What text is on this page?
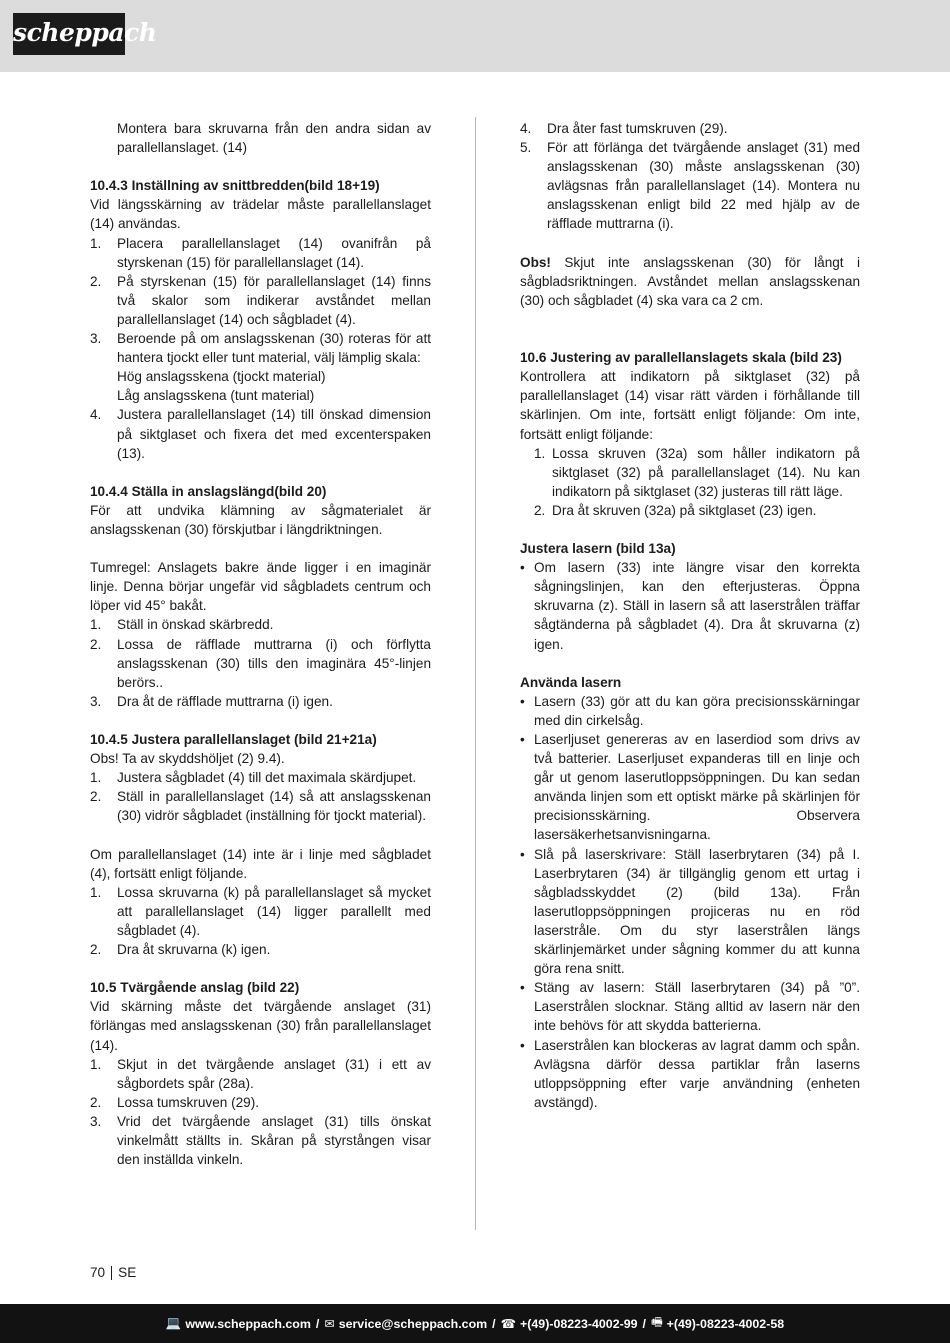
scheppach
Montera bara skruvarna från den andra sidan av parallellanslaget. (14)
10.4.3 Inställning av snittbredden(bild 18+19)
Vid längsskärning av trädelar måste parallellanslaget (14) användas.
1.	Placera parallellanslaget (14) ovanifrån på styrskenan (15) för parallellanslaget (14).
2.	På styrskenan (15) för parallellanslaget (14) finns två skalor som indikerar avståndet mellan parallellanslaget (14) och sågbladet (4).
3.	Beroende på om anslagsskenan (30) roteras för att hantera tjockt eller tunt material, välj lämplig skala:
Hög anslagsskena (tjockt material)
Låg anslagsskena (tunt material)
4.	Justera parallellanslaget (14) till önskad dimension på siktglaset och fixera det med excenterspaken (13).
10.4.4 Ställa in anslagslängd(bild 20)
För att undvika klämning av sågmaterialet är anslagsskenan (30) förskjutbar i längdriktningen.
Tumregel: Anslagets bakre ände ligger i en imaginär linje. Denna börjar ungefär vid sågbladets centrum och löper vid 45° bakåt.
1.	Ställ in önskad skärbredd.
2.	Lossa de räfflade muttrarna (i) och förflytta anslagsskenan (30) tills den imaginära 45°-linjen berörs..
3.	Dra åt de räfflade muttrarna (i) igen.
10.4.5 Justera parallellanslaget (bild 21+21a)
Obs! Ta av skyddshöljet (2) 9.4).
1.	Justera sågbladet (4) till det maximala skärdjupet.
2.	Ställ in parallellanslaget (14) så att anslagsskenan (30) vidrör sågbladet (inställning för tjockt material).
Om parallellanslaget (14) inte är i linje med sågbladet (4), fortsätt enligt följande.
1.	Lossa skruvarna (k) på parallellanslaget så mycket att parallellanslaget (14) ligger parallellt med sågbladet (4).
2.	Dra åt skruvarna (k) igen.
10.5 Tvärgående anslag (bild 22)
Vid skärning måste det tvärgående anslaget (31) förlängas med anslagsskenan (30) från parallellanslaget (14).
1.	Skjut in det tvärgående anslaget (31) i ett av sågbordets spår (28a).
2.	Lossa tumskruven (29).
3.	Vrid det tvärgående anslaget (31) tills önskat vinkelmått ställts in. Skåran på styrstången visar den inställda vinkeln.
4.	Dra åter fast tumskruven (29).
5.	För att förlänga det tvärgående anslaget (31) med anslagsskenan (30) måste anslagsskenan (30) avlägsnas från parallellanslaget (14). Montera nu anslagsskenan enligt bild 22 med hjälp av de räfflade muttrarna (i).
Obs! Skjut inte anslagsskenan (30) för långt i sågbladsriktningen. Avståndet mellan anslagsskenan (30) och sågbladet (4) ska vara ca 2 cm.
10.6 Justering av parallellanslagets skala (bild 23)
Kontrollera att indikatorn på siktglaset (32) på parallellanslaget (14) visar rätt värden i förhållande till skärlinjen. Om inte, fortsätt enligt följande: Om inte, fortsätt enligt följande:
1. Lossa skruven (32a) som håller indikatorn på siktglaset (32) på parallellanslaget (14). Nu kan indikatorn på siktglaset (32) justeras till rätt läge.
2. Dra åt skruven (32a) på siktglaset (23) igen.
Justera lasern (bild 13a)
• Om lasern (33) inte längre visar den korrekta sågningslinjen, kan den efterjusteras. Öppna skruvarna (z). Ställ in lasern så att laserstrålen träffar sågtänderna på sågbladet (4). Dra åt skruvarna (z) igen.
Använda lasern
• Lasern (33) gör att du kan göra precisionsskärningar med din cirkelsåg.
• Laserljuset genereras av en laserdiod som drivs av två batterier. Laserljuset expanderas till en linje och går ut genom laserutloppsöppningen. Du kan sedan använda linjen som ett optiskt märke på skärlinjen för precisionsskärning. Observera lasersäkerhetsanvisningarna.
• Slå på laserskrivare: Ställ laserbrytaren (34) på I. Laserbrytaren (34) är tillgänglig genom ett urtag i sågbladsskyddet (2) (bild 13a). Från laserutloppsöppningen projiceras nu en röd laserstråle. Om du styr laserstrålen längs skärlinjemärket under sågning kommer du att kunna göra rena snitt.
• Stäng av lasern: Ställ laserbrytaren (34) på ”0”. Laserstrålen slocknar. Stäng alltid av lasern när den inte behövs för att skydda batterierna.
• Laserstrålen kan blockeras av lagrat damm och spån. Avlägsna därför dessa partiklar från laserns utloppsöppning efter varje användning (enheten avstängd).
70 SE
💻 www.scheppach.com / ✉ service@scheppach.com / ☎ +(49)-08223-4002-99 / 🖷 +(49)-08223-4002-58
